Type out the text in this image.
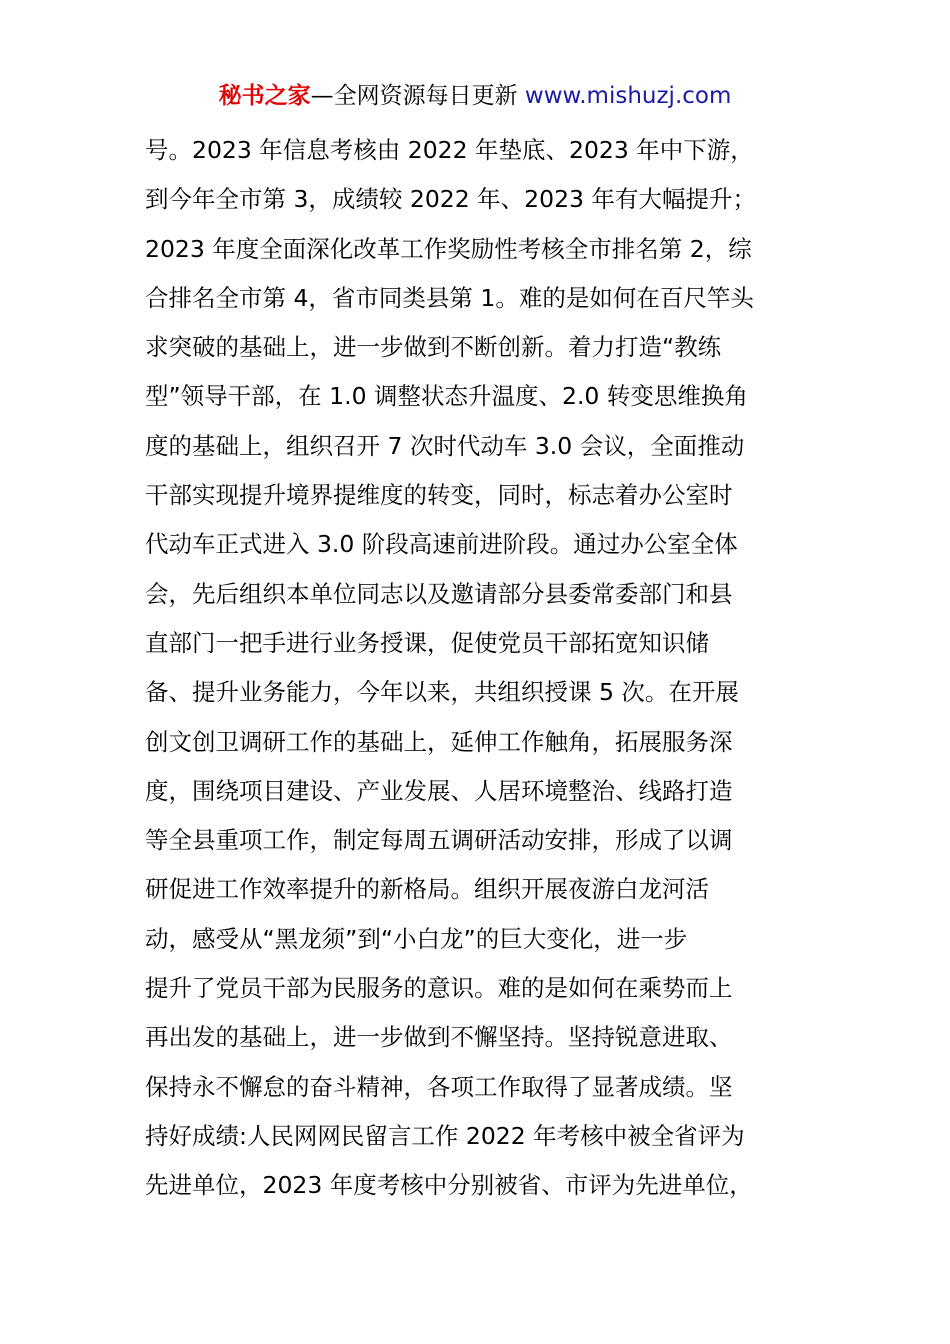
秘书之家—全网资源每日更新 www.mishuzj.com
号。2023 年信息考核由 2022 年垫底、2023 年中下游，
到今年全市第 3，成绩较 2022 年、2023 年有大幅提升；
2023 年度全面深化改革工作奖励性考核全市排名第 2，综
合排名全市第 4，省市同类县第 1。难的是如何在百尺竿头
求突破的基础上，进一步做到不断创新。着力打造“教练
型”领导干部，在 1.0 调整状态升温度、2.0 转变思维换角
度的基础上，组织召开 7 次时代动车 3.0 会议，全面推动
干部实现提升境界提维度的转变，同时，标志着办公室时
代动车正式进入 3.0 阶段高速前进阶段。通过办公室全体
会，先后组织本单位同志以及邀请部分县委常委部门和县
直部门一把手进行业务授课，促使党员干部拓宽知识储
备、提升业务能力，今年以来，共组织授课 5 次。在开展
创文创卫调研工作的基础上，延伸工作触角，拓展服务深
度，围绕项目建设、产业发展、人居环境整治、线路打造
等全县重项工作，制定每周五调研活动安排，形成了以调
研促进工作效率提升的新格局。组织开展夜游白龙河活
动，感受从“黑龙须”到“小白龙”的巨大变化，进一步
提升了党员干部为民服务的意识。难的是如何在乘势而上
再出发的基础上，进一步做到不懈坚持。坚持锐意进取、
保持永不懈怠的奋斗精神，各项工作取得了显著成绩。坚
持好成绩:人民网网民留言工作 2022 年考核中被全省评为
先进单位，2023 年度考核中分别被省、市评为先进单位，
